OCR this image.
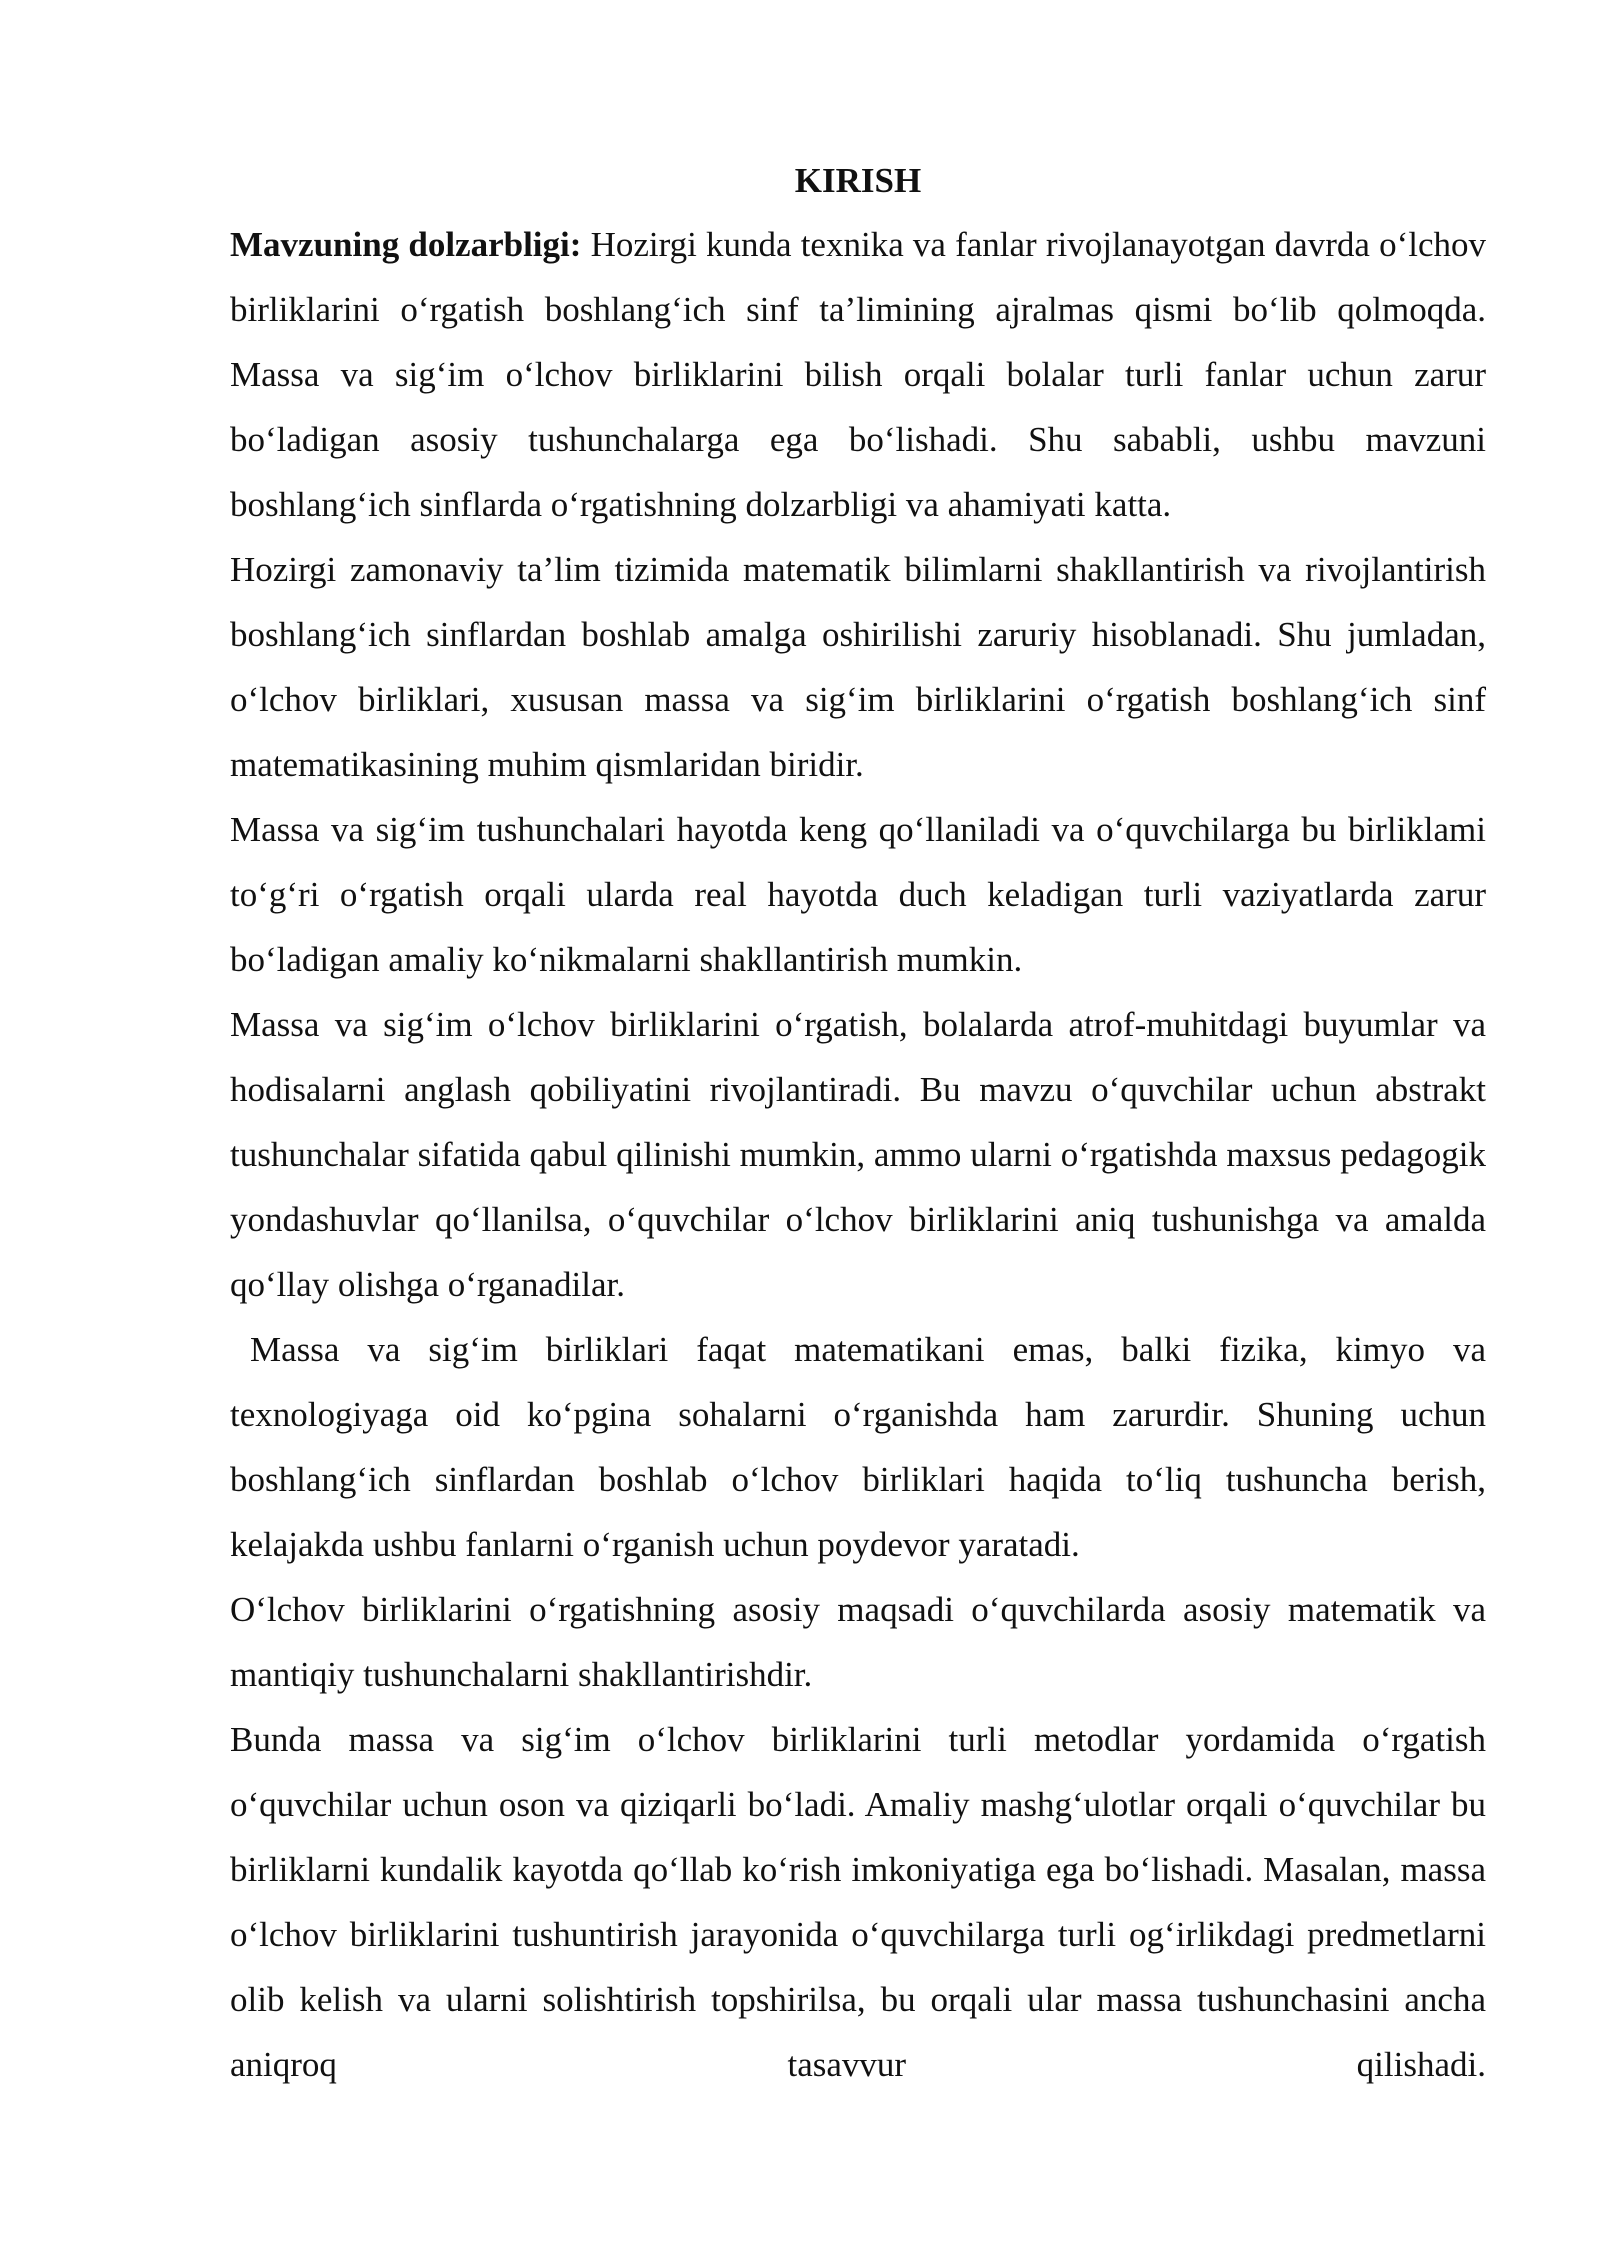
KIRISH

Mavzuning dolzarbligi: Hozirgi kunda texnika va fanlar rivojlanayotgan davrda o‘lchov birliklarini o‘rgatish boshlang‘ich sinf ta’limining ajralmas qismi bo‘lib qolmoqda. Massa va sig‘im o‘lchov birliklarini bilish orqali bolalar turli fanlar uchun zarur bo‘ladigan asosiy tushunchalarga ega bo‘lishadi. Shu sababli, ushbu mavzuni boshlang‘ich sinflarda o‘rgatishning dolzarbligi va ahamiyati katta.

Hozirgi zamonaviy ta’lim tizimida matematik bilimlarni shakllantirish va rivojlantirish boshlang‘ich sinflardan boshlab amalga oshirilishi zaruriy hisoblanadi. Shu jumladan, o‘lchov birliklari, xususan massa va sig‘im birliklarini o‘rgatish boshlang‘ich sinf matematikasining muhim qismlaridan biridir.

Massa va sig‘im tushunchalari hayotda keng qo‘llaniladi va o‘quvchilarga bu birliklami to‘g‘ri o‘rgatish orqali ularda real hayotda duch keladigan turli vaziyatlarda zarur bo‘ladigan amaliy ko‘nikmalarni shakllantirish mumkin.

Massa va sig‘im o‘lchov birliklarini o‘rgatish, bolalarda atrof-muhitdagi buyumlar va hodisalarni anglash qobiliyatini rivojlantiradi. Bu mavzu o‘quvchilar uchun abstrakt tushunchalar sifatida qabul qilinishi mumkin, ammo ularni o‘rgatishda maxsus pedagogik yondashuvlar qo‘llanilsa, o‘quvchilar o‘lchov birliklarini aniq tushunishga va amalda qo‘llay olishga o‘rganadilar.

Massa va sig‘im birliklari faqat matematikani emas, balki fizika, kimyo va texnologiyaga oid ko‘pgina sohalarni o‘rganishda ham zarurdir. Shuning uchun boshlang‘ich sinflardan boshlab o‘lchov birliklari haqida to‘liq tushuncha berish, kelajakda ushbu fanlarni o‘rganish uchun poydevor yaratadi.

O‘lchov birliklarini o‘rgatishning asosiy maqsadi o‘quvchilarda asosiy matematik va mantiqiy tushunchalarni shakllantirishdir.

Bunda massa va sig‘im o‘lchov birliklarini turli metodlar yordamida o‘rgatish o‘quvchilar uchun oson va qiziqarli bo‘ladi. Amaliy mashg‘ulotlar orqali o‘quvchilar bu birliklarni kundalik kayotda qo‘llab ko‘rish imkoniyatiga ega bo‘lishadi. Masalan, massa o‘lchov birliklarini tushuntirish jarayonida o‘quvchilarga turli og‘irlikdagi predmetlarni olib kelish va ularni solishtirish topshirilsa, bu orqali ular massa tushunchasini ancha aniqroq tasavvur qilishadi.
